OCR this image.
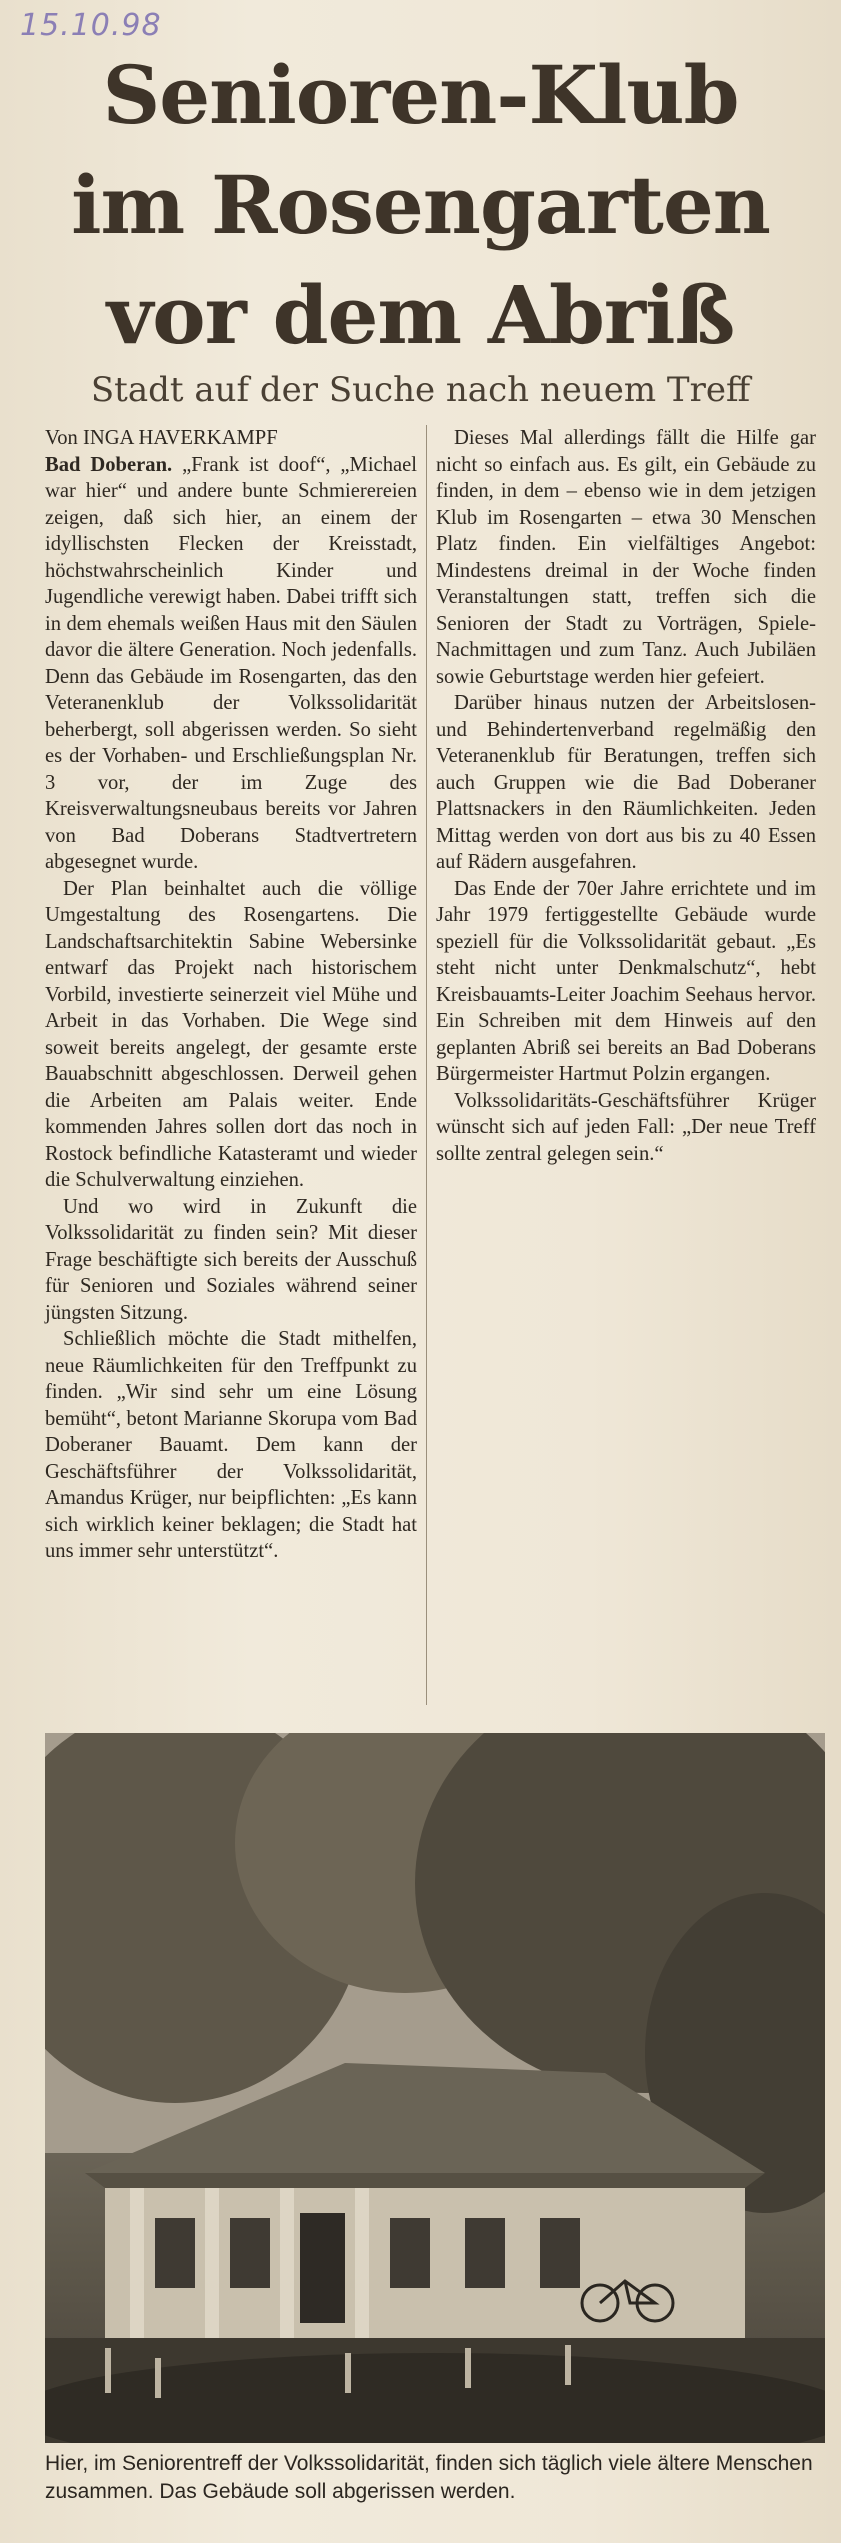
15.10.98
Senioren-Klub
im Rosengarten
vor dem Abriß
Stadt auf der Suche nach neuem Treff

Von INGA HAVERKAMPF

Bad Doberan. „Frank ist doof“, „Michael war hier“ und andere bunte Schmierereien zeigen, daß sich hier, an einem der idyllischsten Flecken der Kreisstadt, höchstwahrscheinlich Kinder und Jugendliche verewigt haben. Dabei trifft sich in dem ehemals weißen Haus mit den Säulen davor die ältere Generation. Noch jedenfalls. Denn das Gebäude im Rosengarten, das den Veteranenklub der Volkssolidarität beherbergt, soll abgerissen werden. So sieht es der Vorhaben- und Erschließungsplan Nr. 3 vor, der im Zuge des Kreisverwaltungsneubaus bereits vor Jahren von Bad Doberans Stadtvertretern abgesegnet wurde.

Der Plan beinhaltet auch die völlige Umgestaltung des Rosengartens. Die Landschaftsarchitektin Sabine Webersinke entwarf das Projekt nach historischem Vorbild, investierte seinerzeit viel Mühe und Arbeit in das Vorhaben. Die Wege sind soweit bereits angelegt, der gesamte erste Bauabschnitt abgeschlossen. Derweil gehen die Arbeiten am Palais weiter. Ende kommenden Jahres sollen dort das noch in Rostock befindliche Katasteramt und wieder die Schulverwaltung einziehen.

Und wo wird in Zukunft die Volkssolidarität zu finden sein? Mit dieser Frage beschäftigte sich bereits der Ausschuß für Senioren und Soziales während seiner jüngsten Sitzung.

Schließlich möchte die Stadt mithelfen, neue Räumlichkeiten für den Treffpunkt zu finden. „Wir sind sehr um eine Lösung bemüht“, betont Marianne Skorupa vom Bad Doberaner Bauamt. Dem kann der Geschäftsführer der Volkssolidarität, Amandus Krüger, nur beipflichten: „Es kann sich wirklich keiner beklagen; die Stadt hat uns immer sehr unterstützt“.

Dieses Mal allerdings fällt die Hilfe gar nicht so einfach aus. Es gilt, ein Gebäude zu finden, in dem – ebenso wie in dem jetzigen Klub im Rosengarten – etwa 30 Menschen Platz finden. Ein vielfältiges Angebot: Mindestens dreimal in der Woche finden Veranstaltungen statt, treffen sich die Senioren der Stadt zu Vorträgen, Spiele-Nachmittagen und zum Tanz. Auch Jubiläen sowie Geburtstage werden hier gefeiert.

Darüber hinaus nutzen der Arbeitslosen- und Behindertenverband regelmäßig den Veteranenklub für Beratungen, treffen sich auch Gruppen wie die Bad Doberaner Plattsnackers in den Räumlichkeiten. Jeden Mittag werden von dort aus bis zu 40 Essen auf Rädern ausgefahren.

Das Ende der 70er Jahre errichtete und im Jahr 1979 fertiggestellte Gebäude wurde speziell für die Volkssolidarität gebaut. „Es steht nicht unter Denkmalschutz“, hebt Kreisbauamts-Leiter Joachim Seehaus hervor. Ein Schreiben mit dem Hinweis auf den geplanten Abriß sei bereits an Bad Doberans Bürgermeister Hartmut Polzin ergangen.

Volkssolidaritäts-Geschäftsführer Krüger wünscht sich auf jeden Fall: „Der neue Treff sollte zentral gelegen sein.“

Hier, im Seniorentreff der Volkssolidarität, finden sich täglich viele ältere Menschen zusammen. Das Gebäude soll abgerissen werden.
